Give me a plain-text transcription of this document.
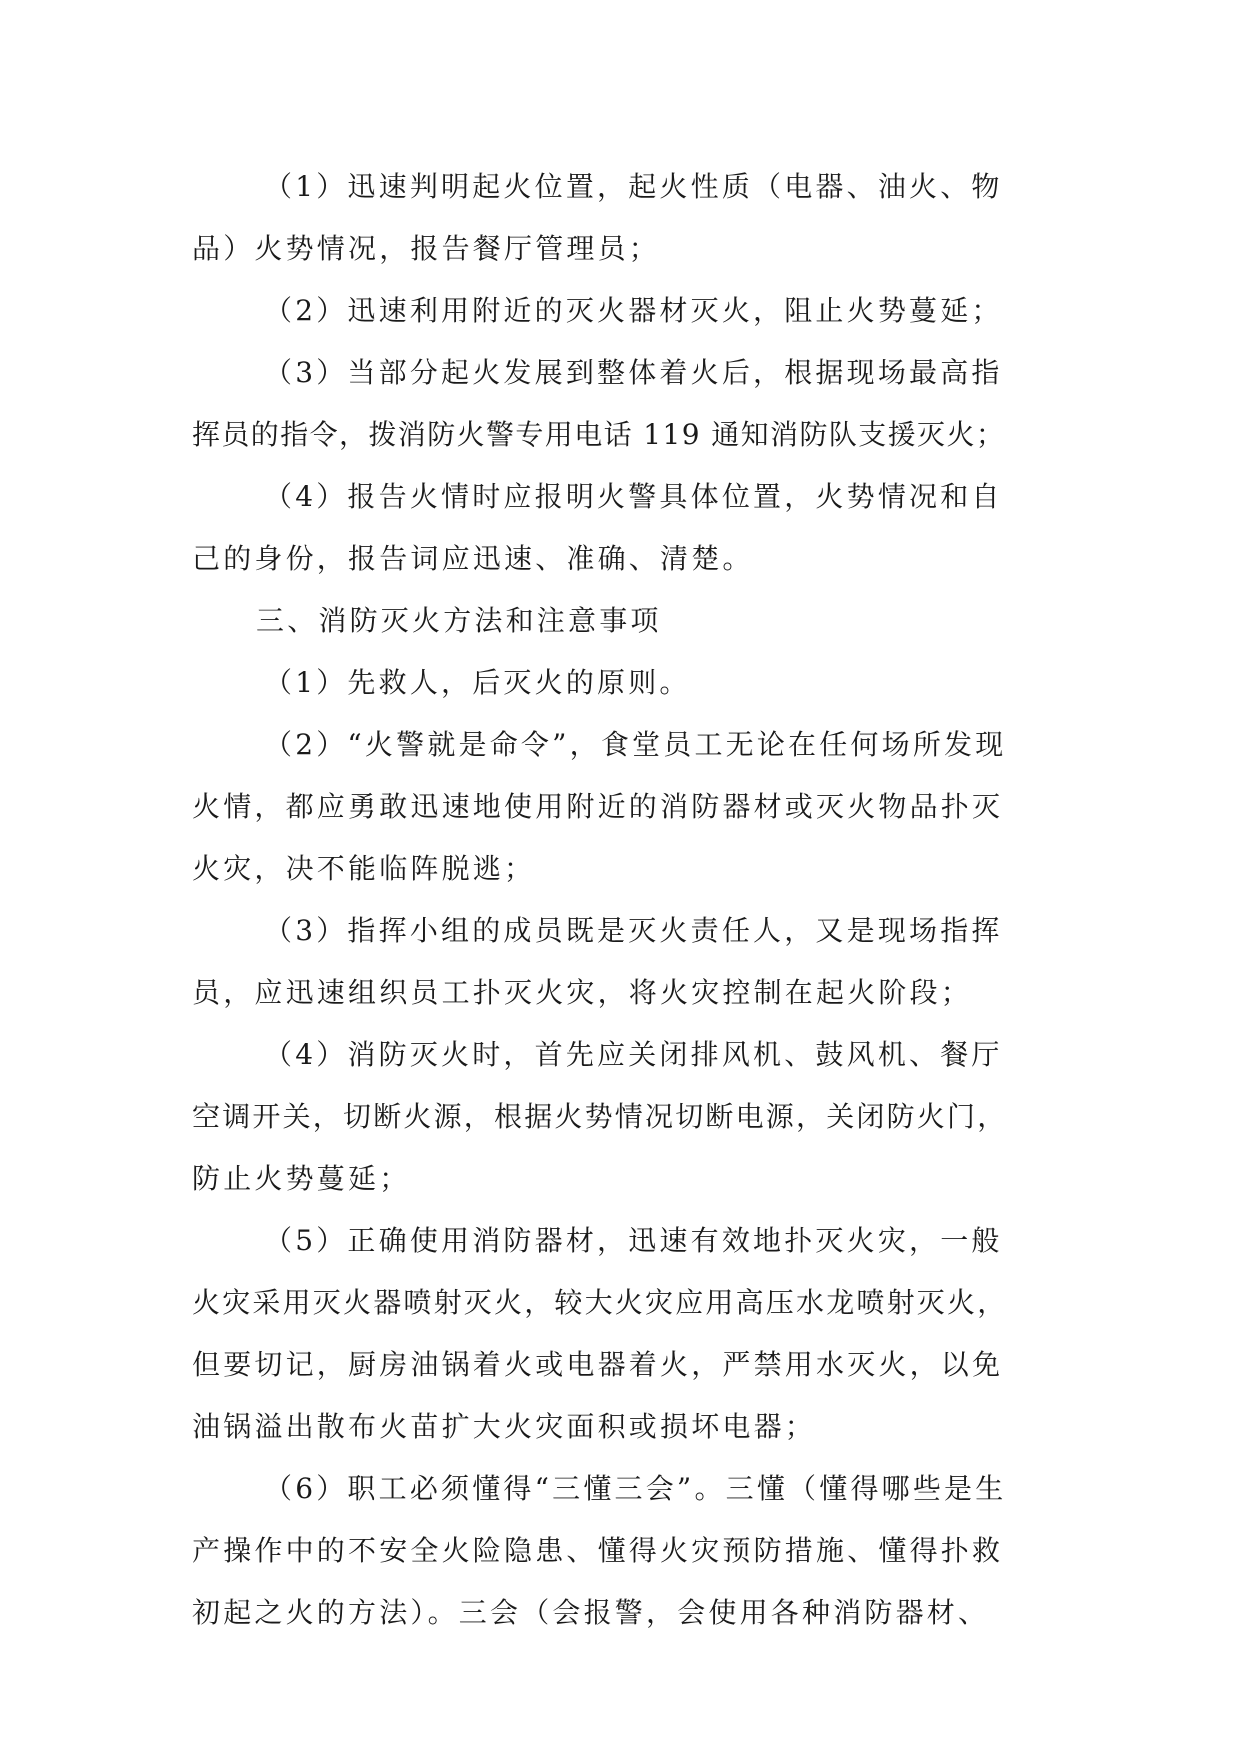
（1）迅速判明起火位置，起火性质（电器、油火、物
品）火势情况，报告餐厅管理员；

（2）迅速利用附近的灭火器材灭火，阻止火势蔓延；

（3）当部分起火发展到整体着火后，根据现场最高指
挥员的指令，拨消防火警专用电话 119 通知消防队支援灭火；

（4）报告火情时应报明火警具体位置，火势情况和自
己的身份，报告词应迅速、准确、清楚。

三、消防灭火方法和注意事项

（1）先救人，后灭火的原则。

（2）“火警就是命令”，食堂员工无论在任何场所发现
火情，都应勇敢迅速地使用附近的消防器材或灭火物品扑灭
火灾，决不能临阵脱逃；

（3）指挥小组的成员既是灭火责任人，又是现场指挥
员，应迅速组织员工扑灭火灾，将火灾控制在起火阶段；

（4）消防灭火时，首先应关闭排风机、鼓风机、餐厅
空调开关，切断火源，根据火势情况切断电源，关闭防火门，
防止火势蔓延；

（5）正确使用消防器材，迅速有效地扑灭火灾，一般
火灾采用灭火器喷射灭火，较大火灾应用高压水龙喷射灭火，
但要切记，厨房油锅着火或电器着火，严禁用水灭火，以免
油锅溢出散布火苗扩大火灾面积或损坏电器；

（6）职工必须懂得“三懂三会”。三懂（懂得哪些是生
产操作中的不安全火险隐患、懂得火灾预防措施、懂得扑救
初起之火的方法）。三会（会报警，会使用各种消防器材、
